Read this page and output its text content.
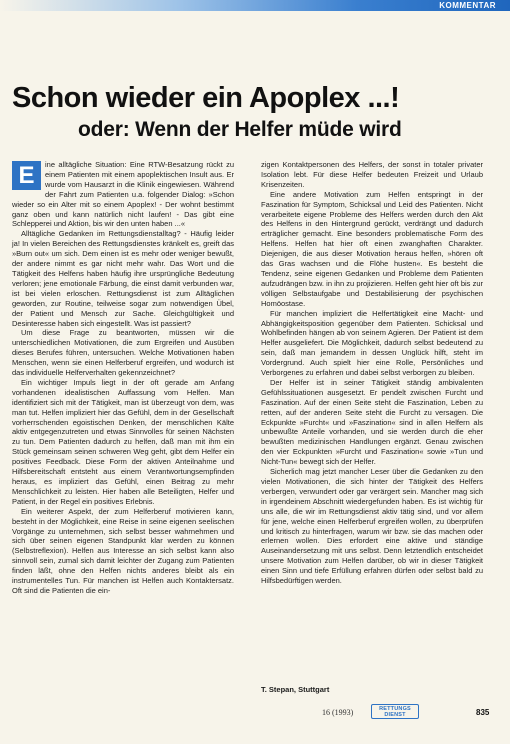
KOMMENTAR
Schon wieder ein Apoplex ...!
oder: Wenn der Helfer müde wird
E	ine alltägliche Situation: Eine RTW-Besatzung rückt zu einem Patienten mit einem apoplektischen Insult aus. Er wurde vom Hausarzt in die Klinik eingewiesen. Während der Fahrt zum Patienten u.a. folgender Dialog: »Schon wieder so ein Alter mit so einem Apoplex! - Der wohnt bestimmt ganz oben und kann natürlich nicht laufen! - Das gibt eine Schlepperei und Aktion, bis wir den unten haben ...«

Alltägliche Gedanken im Rettungsdienstalltag? - Häufig leider ja! In vielen Bereichen des Rettungsdienstes kränkelt es, greift das »Burn out« um sich. Dem einen ist es mehr oder weniger bewußt, der andere nimmt es gar nicht mehr wahr. Das Wort und die Tätigkeit des Helfens haben häufig ihre ursprüngliche Bedeutung verloren; jene emotionale Färbung, die einst damit verbunden war, ist bei vielen erloschen. Rettungsdienst ist zum Alltäglichen geworden, zur Routine, teilweise sogar zum notwendigen Übel, der Patient und Mensch zur Sache. Gleichgültigkeit und Desinteresse haben sich eingestellt. Was ist passiert?

Um diese Frage zu beantworten, müssen wir die unterschiedlichen Motivationen, die zum Ergreifen und Ausüben dieses Berufes führen, untersuchen. Welche Motivationen haben Menschen, wenn sie einen Helferberuf ergreifen, und wodurch ist das individuelle Helferverhalten gekennzeichnet?

Ein wichtiger Impuls liegt in der oft gerade am Anfang vorhandenen idealistischen Auffassung vom Helfen. Man identifiziert sich mit der Tätigkeit, man ist überzeugt von dem, was man tut. Helfen impliziert hier das Gefühl, dem in der Gesellschaft vorherrschenden egoistischen Denken, der menschlichen Kälte aktiv entgegenzutreten und etwas Sinnvolles für seinen Nächsten zu tun. Dem Patienten dadurch zu helfen, daß man mit ihm ein Stück gemeinsam seinen schweren Weg geht, gibt dem Helfer ein positives Feedback. Diese Form der aktiven Anteilnahme und Hilfsbereitschaft entsteht aus einem Verantwortungsempfinden heraus, es impliziert das Gefühl, einen Beitrag zu mehr Menschlichkeit zu leisten. Hier haben alle Beteiligten, Helfer und Patient, in der Regel ein positives Erlebnis.

Ein weiterer Aspekt, der zum Helferberuf motivieren kann, besteht in der Möglichkeit, eine Reise in seine eigenen seelischen Vorgänge zu unternehmen, sich selbst besser wahrnehmen und sich über seinen eigenen Standpunkt klar werden zu können (Selbstreflexion). Helfen aus Interesse an sich selbst kann also sinnvoll sein, zumal sich damit leichter der Zugang zum Patienten finden läßt, ohne den Helfen nichts anderes bleibt als ein instrumentelles Tun. Für manchen ist Helfen auch Kontaktersatz. Oft sind die Patienten die ein-

zigen Kontaktpersonen des Helfers, der sonst in totaler privater Isolation lebt. Für diese Helfer bedeuten Freizeit und Urlaub Krisenzeiten.

Eine andere Motivation zum Helfen entspringt in der Faszination für Symptom, Schicksal und Leid des Patienten. Nicht verarbeitete eigene Probleme des Helfers werden durch den Akt des Helfens in den Hintergrund gerückt, verdrängt und dadurch erträglicher gemacht. Eine besonders problematische Form des Helfens. Helfen hat hier oft einen zwanghaften Charakter. Diejenigen, die aus dieser Motivation heraus helfen, »hören oft das Gras wachsen und die Flöhe husten«. Es besteht die Tendenz, seine eigenen Gedanken und Probleme dem Patienten aufzudrängen bzw. in ihn zu projizieren. Helfen geht hier oft bis zur völligen Selbstaufgabe und Destabilisierung der psychischen Homöostase.

Für manchen impliziert die Helfertätigkeit eine Macht- und Abhängigkeitsposition gegenüber dem Patienten. Schicksal und Wohlbefinden hängen ab von seinem Agieren. Der Patient ist dem Helfer ausgeliefert. Die Möglichkeit, dadurch selbst bedeutend zu sein, daß man jemandem in dessen Unglück hilft, steht im Vordergrund. Auch spielt hier eine Rolle, Persönliches und Verborgenes zu erfahren und dabei selbst verborgen zu bleiben.

Der Helfer ist in seiner Tätigkeit ständig ambivalenten Gefühlssituationen ausgesetzt. Er pendelt zwischen Furcht und Faszination. Auf der einen Seite steht die Faszination, Leben zu retten, auf der anderen Seite steht die Furcht zu versagen. Die Eckpunkte »Furcht« und »Faszination« sind in allen Helfern als unbewußte Anteile vorhanden, und sie werden durch die eher bewußten medizinischen Handlungen ergänzt. Genau zwischen den vier Eckpunkten »Furcht und Faszination« sowie »Tun und Nicht-Tun« bewegt sich der Helfer.

Sicherlich mag jetzt mancher Leser über die Gedanken zu den vielen Motivationen, die sich hinter der Tätigkeit des Helfers verbergen, verwundert oder gar verärgert sein. Mancher mag sich in irgendeinem Abschnitt wiedergefunden haben. Es ist wichtig für uns alle, die wir im Rettungsdienst aktiv tätig sind, und vor allem für jene, welche einen Helferberuf ergreifen wollen, zu überprüfen und kritisch zu hinterfragen, warum wir bzw. sie das machen oder erlernen wollen. Dies erfordert eine aktive und ständige Auseinandersetzung mit uns selbst. Denn letztendlich entscheidet unsere Motivation zum Helfen darüber, ob wir in dieser Tätigkeit einen Sinn und tiefe Erfüllung erfahren dürfen oder selbst bald zu Hilfsbedürftigen werden.

T. Stepan, Stuttgart
16 (1993)	RETTUNGS
DIENST	835
